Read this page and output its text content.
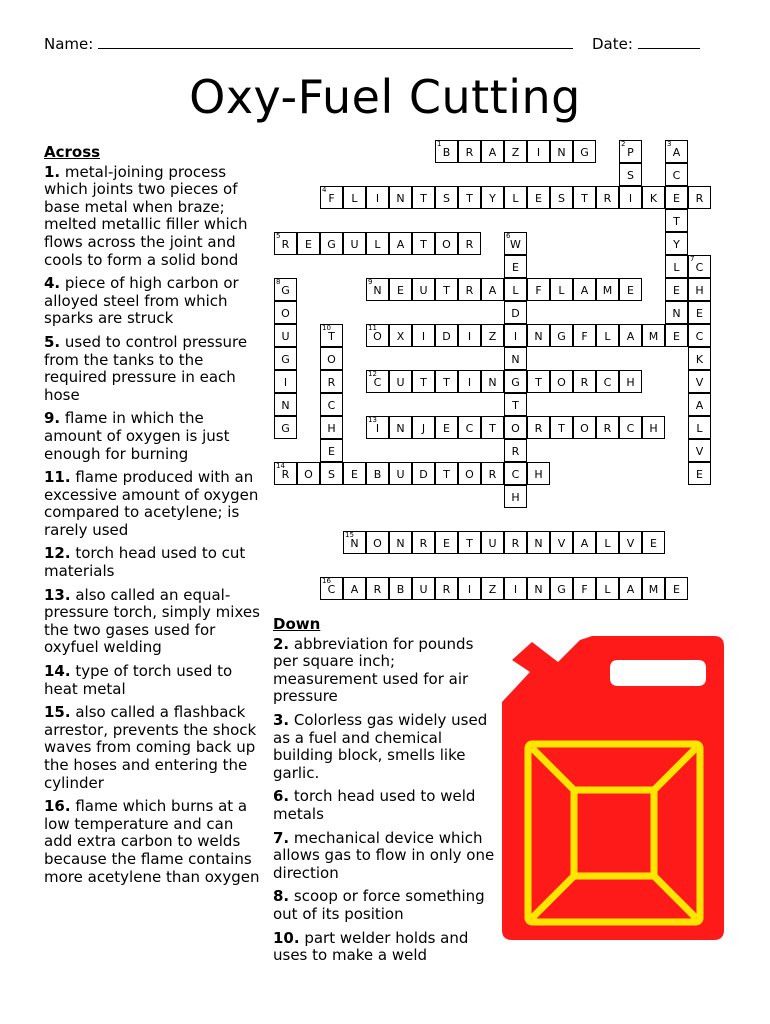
Name:	Date:
Oxy-Fuel Cutting
Across
1. metal-joining process which joints two pieces of base metal when braze; melted metallic filler which flows across the joint and cools to form a solid bond
4. piece of high carbon or alloyed steel from which sparks are struck
5. used to control pressure from the tanks to the required pressure in each hose
9. flame in which the amount of oxygen is just enough for burning
11. flame produced with an excessive amount of oxygen compared to acetylene; is rarely used
12. torch head used to cut materials
13. also called an equal-pressure torch, simply mixes the two gases used for oxyfuel welding
14. type of torch used to heat metal
15. also called a flashback arrestor, prevents the shock waves from coming back up the hoses and entering the cylinder
16. flame which burns at a low temperature and can add extra carbon to welds because the flame contains more acetylene than oxygen
Down
2. abbreviation for pounds per square inch; measurement used for air pressure
3. Colorless gas widely used as a fuel and chemical building block, smells like garlic.
6. torch head used to weld metals
7. mechanical device which allows gas to flow in only one direction
8. scoop or force something out of its position
10. part welder holds and uses to make a weld
1
B	R	A	Z	I	N	G
2
P
S
I
3
A
C
E
T
Y
L
E
N
E
4
F	L	I	N	T	S	T	Y	L	E	S	T	R	K	R
5
R	E	G	U	L	A	T	O	R
6
W
E
L
D
I
N
G
T
O
R
C
H
7
C
H
E
C
K
V
A
L
V
E
8
G
O
U
G
I
N
G
9
N	E	U	T	R	A	F	L	A	M	E
10
T
O
R
C
H
E
11
O	X	I	D	I	Z	N	G	F	L	A	M
12
C	U	T	T	I	N	T	O	R	C	H
13
I	N	J	E	C	T	R	T	O	R	C	H
14
R	O	S	E	B	U	D	T	O	R	H
15
N	O	N	R	E	T	U	R	N	V	A	L	V	E
16
C	A	R	B	U	R	I	Z	I	N	G	F	L	A	M	E
